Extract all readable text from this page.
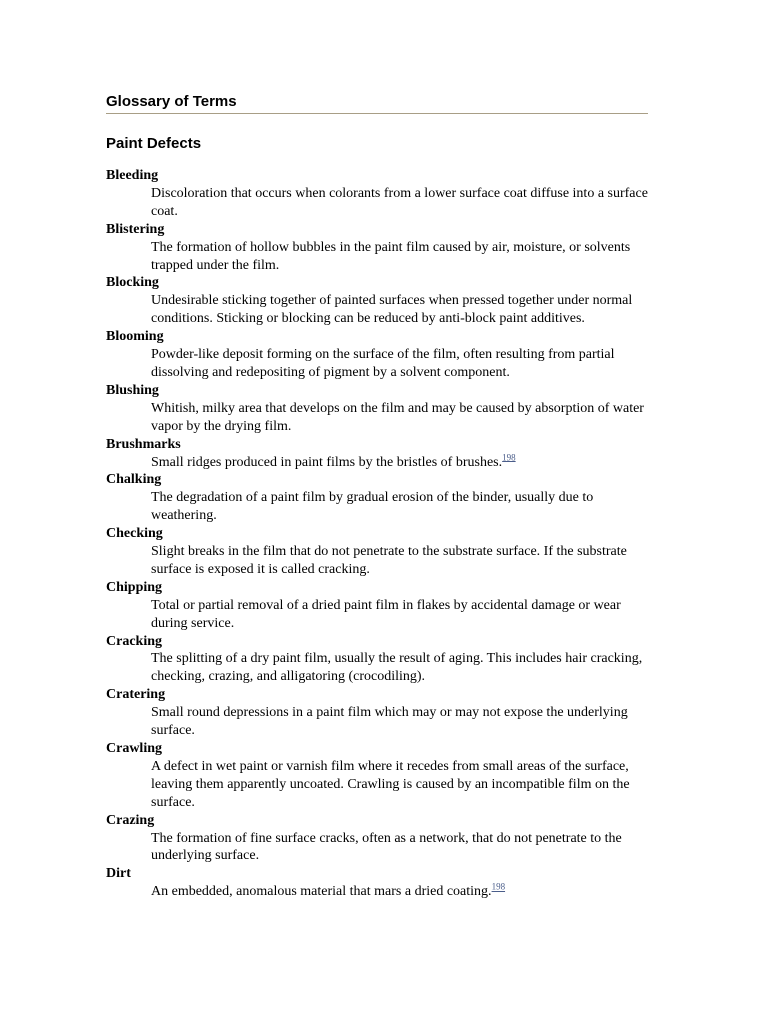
Glossary of Terms
Paint Defects
Bleeding
Discoloration that occurs when colorants from a lower surface coat diffuse into a surface coat.
Blistering
The formation of hollow bubbles in the paint film caused by air, moisture, or solvents trapped under the film.
Blocking
Undesirable sticking together of painted surfaces when pressed together under normal conditions. Sticking or blocking can be reduced by anti-block paint additives.
Blooming
Powder-like deposit forming on the surface of the film, often resulting from partial dissolving and redepositing of pigment by a solvent component.
Blushing
Whitish, milky area that develops on the film and may be caused by absorption of water vapor by the drying film.
Brushmarks
Small ridges produced in paint films by the bristles of brushes.$^{198}$
Chalking
The degradation of a paint film by gradual erosion of the binder, usually due to weathering.
Checking
Slight breaks in the film that do not penetrate to the substrate surface. If the substrate surface is exposed it is called cracking.
Chipping
Total or partial removal of a dried paint film in flakes by accidental damage or wear during service.
Cracking
The splitting of a dry paint film, usually the result of aging. This includes hair cracking, checking, crazing, and alligatoring (crocodiling).
Cratering
Small round depressions in a paint film which may or may not expose the underlying surface.
Crawling
A defect in wet paint or varnish film where it recedes from small areas of the surface, leaving them apparently uncoated. Crawling is caused by an incompatible film on the surface.
Crazing
The formation of fine surface cracks, often as a network, that do not penetrate to the underlying surface.
Dirt
An embedded, anomalous material that mars a dried coating.$^{198}$
